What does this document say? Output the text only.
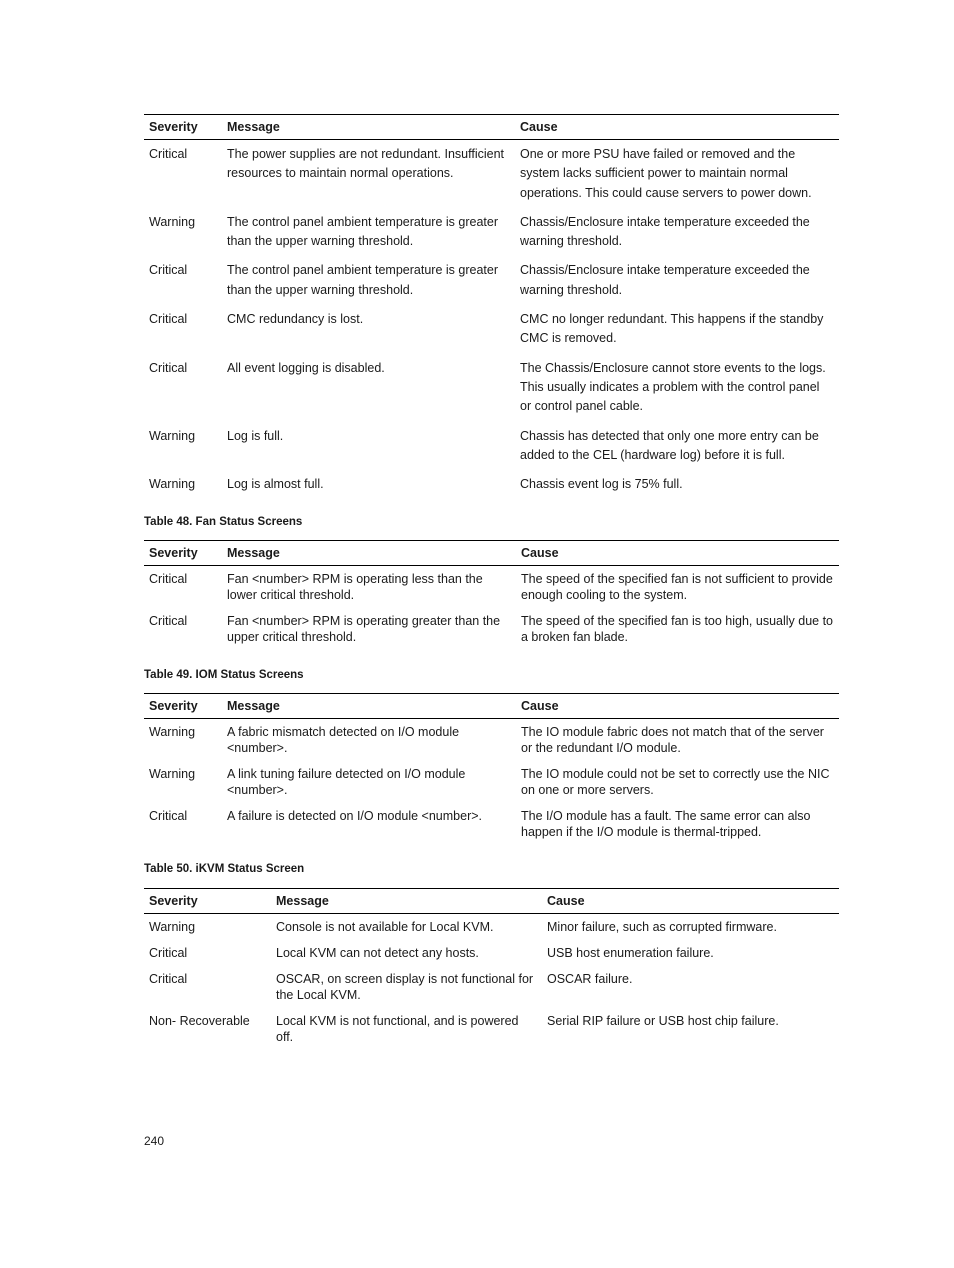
Severity	Message	Cause
Critical	The power supplies are not redundant. Insufficient resources to maintain normal operations.	One or more PSU have failed or removed and the system lacks sufficient power to maintain normal operations. This could cause servers to power down.
Warning	The control panel ambient temperature is greater than the upper warning threshold.	Chassis/Enclosure intake temperature exceeded the warning threshold.
Critical	The control panel ambient temperature is greater than the upper warning threshold.	Chassis/Enclosure intake temperature exceeded the warning threshold.
Critical	CMC redundancy is lost.	CMC no longer redundant. This happens if the standby CMC is removed.
Critical	All event logging is disabled.	The Chassis/Enclosure cannot store events to the logs. This usually indicates a problem with the control panel or control panel cable.
Warning	Log is full.	Chassis has detected that only one more entry can be added to the CEL (hardware log) before it is full.
Warning	Log is almost full.	Chassis event log is 75% full.

Table 48. Fan Status Screens

Severity	Message	Cause
Critical	Fan <number> RPM is operating less than the lower critical threshold.	The speed of the specified fan is not sufficient to provide enough cooling to the system.
Critical	Fan <number> RPM is operating greater than the upper critical threshold.	The speed of the specified fan is too high, usually due to a broken fan blade.

Table 49. IOM Status Screens

Severity	Message	Cause
Warning	A fabric mismatch detected on I/O module <number>.	The IO module fabric does not match that of the server or the redundant I/O module.
Warning	A link tuning failure detected on I/O module <number>.	The IO module could not be set to correctly use the NIC on one or more servers.
Critical	A failure is detected on I/O module <number>.	The I/O module has a fault. The same error can also happen if the I/O module is thermal-tripped.

Table 50. iKVM Status Screen

Severity	Message	Cause
Warning	Console is not available for Local KVM.	Minor failure, such as corrupted firmware.
Critical	Local KVM can not detect any hosts.	USB host enumeration failure.
Critical	OSCAR, on screen display is not functional for the Local KVM.	OSCAR failure.
Non- Recoverable	Local KVM is not functional, and is powered off.	Serial RIP failure or USB host chip failure.
240
